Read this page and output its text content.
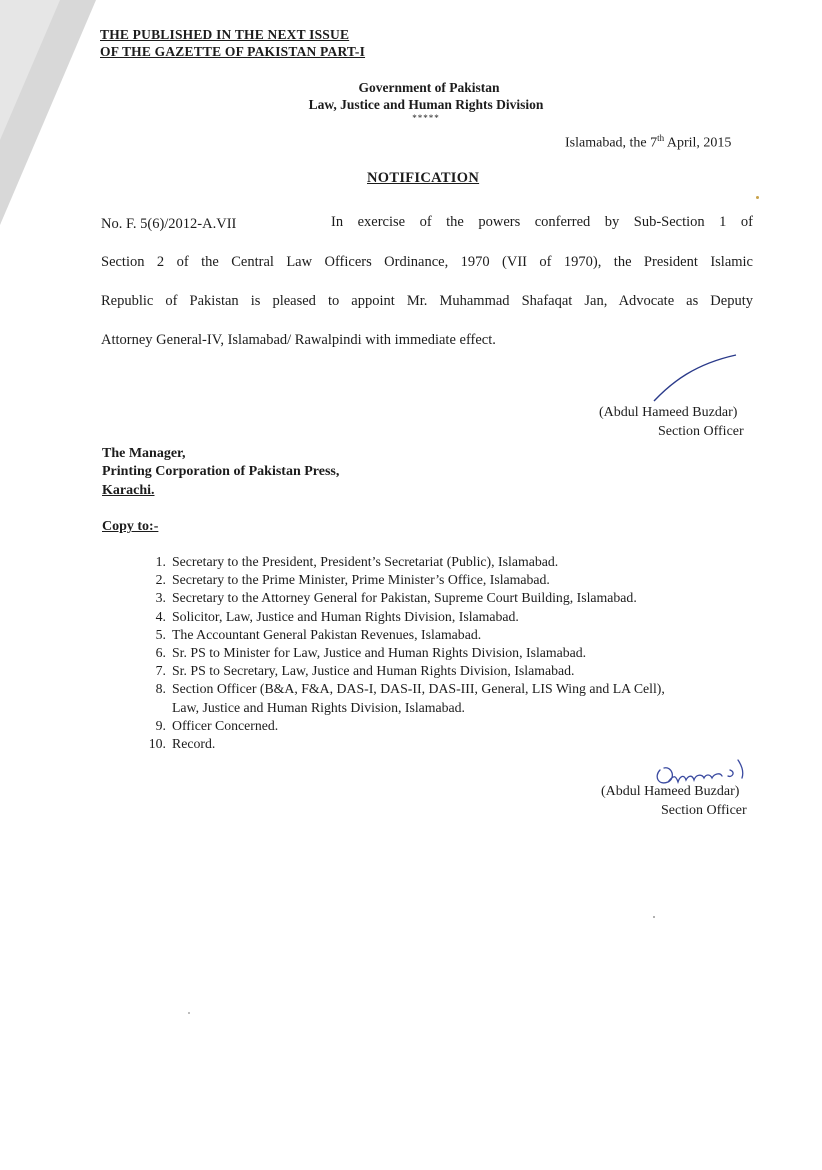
THE PUBLISHED IN THE NEXT ISSUE
OF THE GAZETTE OF PAKISTAN PART-I
Government of Pakistan
Law, Justice and Human Rights Division
*****
Islamabad, the 7th April, 2015
NOTIFICATION
No. F. 5(6)/2012-A.VII	In exercise of the powers conferred by Sub-Section 1 of
Section 2 of the Central Law Officers Ordinance, 1970 (VII of 1970), the President Islamic
Republic of Pakistan is pleased to appoint Mr. Muhammad Shafaqat Jan, Advocate as Deputy
Attorney General-IV, Islamabad/ Rawalpindi with immediate effect.
(Abdul Hameed Buzdar)
Section Officer
The Manager,
Printing Corporation of Pakistan Press,
Karachi.
Copy to:-
1. Secretary to the President, President’s Secretariat (Public), Islamabad.
2. Secretary to the Prime Minister, Prime Minister’s Office, Islamabad.
3. Secretary to the Attorney General for Pakistan, Supreme Court Building, Islamabad.
4. Solicitor, Law, Justice and Human Rights Division, Islamabad.
5. The Accountant General Pakistan Revenues, Islamabad.
6. Sr. PS to Minister for Law, Justice and Human Rights Division, Islamabad.
7. Sr. PS to Secretary, Law, Justice and Human Rights Division, Islamabad.
8. Section Officer (B&A, F&A, DAS-I, DAS-II, DAS-III, General, LIS Wing and LA Cell),
Law, Justice and Human Rights Division, Islamabad.
9. Officer Concerned.
10. Record.
(Abdul Hameed Buzdar)
Section Officer
